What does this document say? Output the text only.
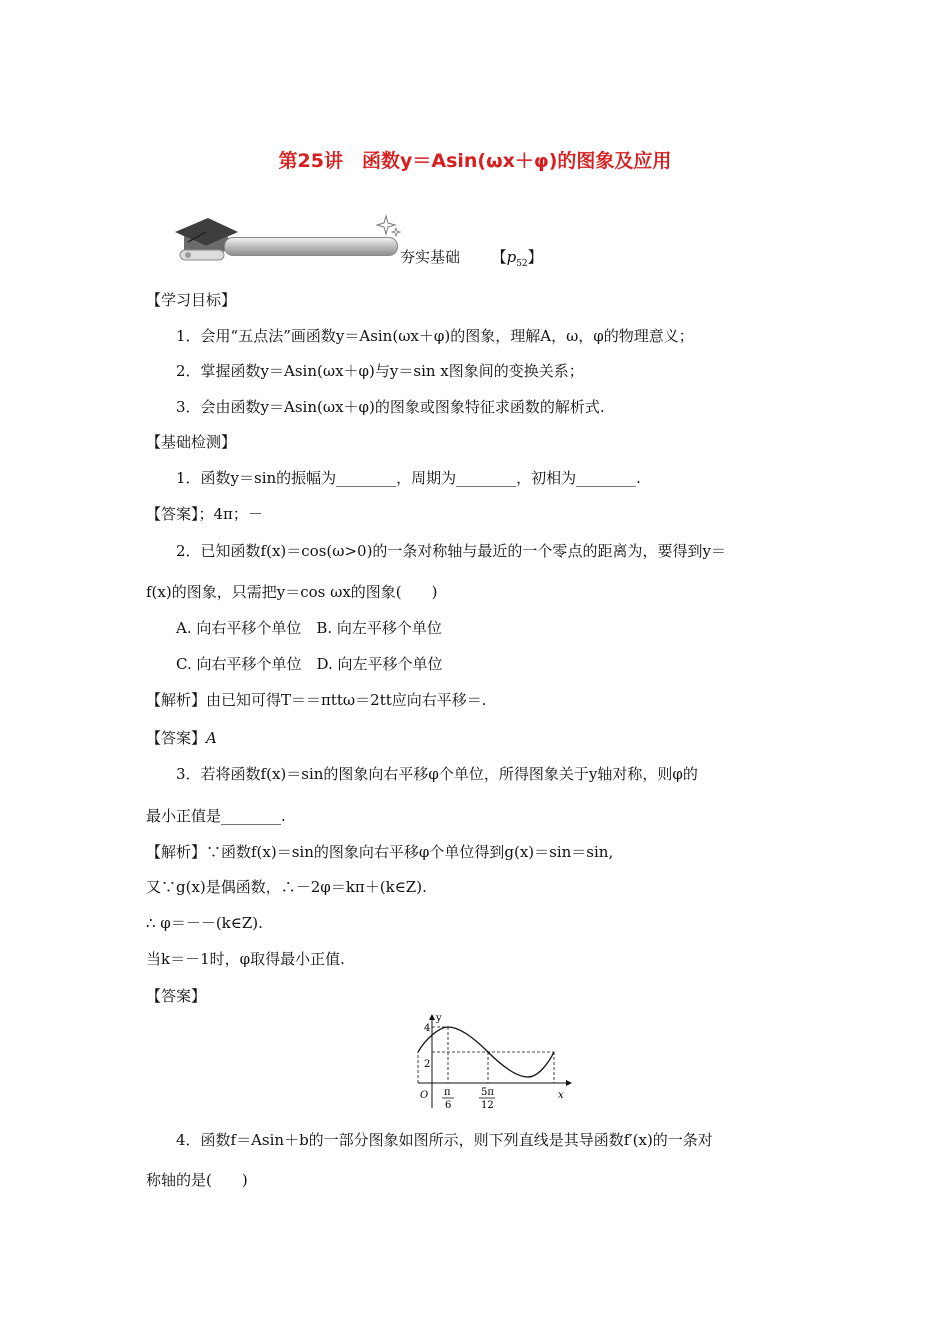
第25讲　函数y＝Asin(ωx＋φ)的图象及应用
夯实基础 【$p_{52}$】
【学习目标】
1．会用“五点法”画函数y＝Asin(ωx＋φ)的图象，理解A，ω，φ的物理意义；
2．掌握函数y＝Asin(ωx＋φ)与y＝sin x图象间的变换关系；
3．会由函数y＝Asin(ωx＋φ)的图象或图象特征求函数的解析式.
【基础检测】
1．函数y＝sin的振幅为________，周期为________，初相为________.
【答案】；4π；－
2．已知函数f(x)＝cos(ω>0)的一条对称轴与最近的一个零点的距离为，要得到y＝
f(x)的图象，只需把y＝cos ωx的图象(　　)
A. 向右平移个单位　B. 向左平移个单位
C. 向右平移个单位　D. 向左平移个单位
【解析】由已知可得T＝＝πttω＝2tt应向右平移＝.
【答案】A
3．若将函数f(x)＝sin的图象向右平移φ个单位，所得图象关于y轴对称，则φ的
最小正值是________.
【解析】∵函数f(x)＝sin的图象向右平移φ个单位得到g(x)＝sin＝sin,
又∵g(x)是偶函数，∴－2φ＝kπ＋(k∈Z).
∴ φ＝－－(k∈Z).
当k＝－1时，φ取得最小正值.
【答案】
y
x
O
4
2
π
6
5π
12
4．函数f＝Asin＋b的一部分图象如图所示，则下列直线是其导函数f′(x)的一条对
称轴的是(　　)
